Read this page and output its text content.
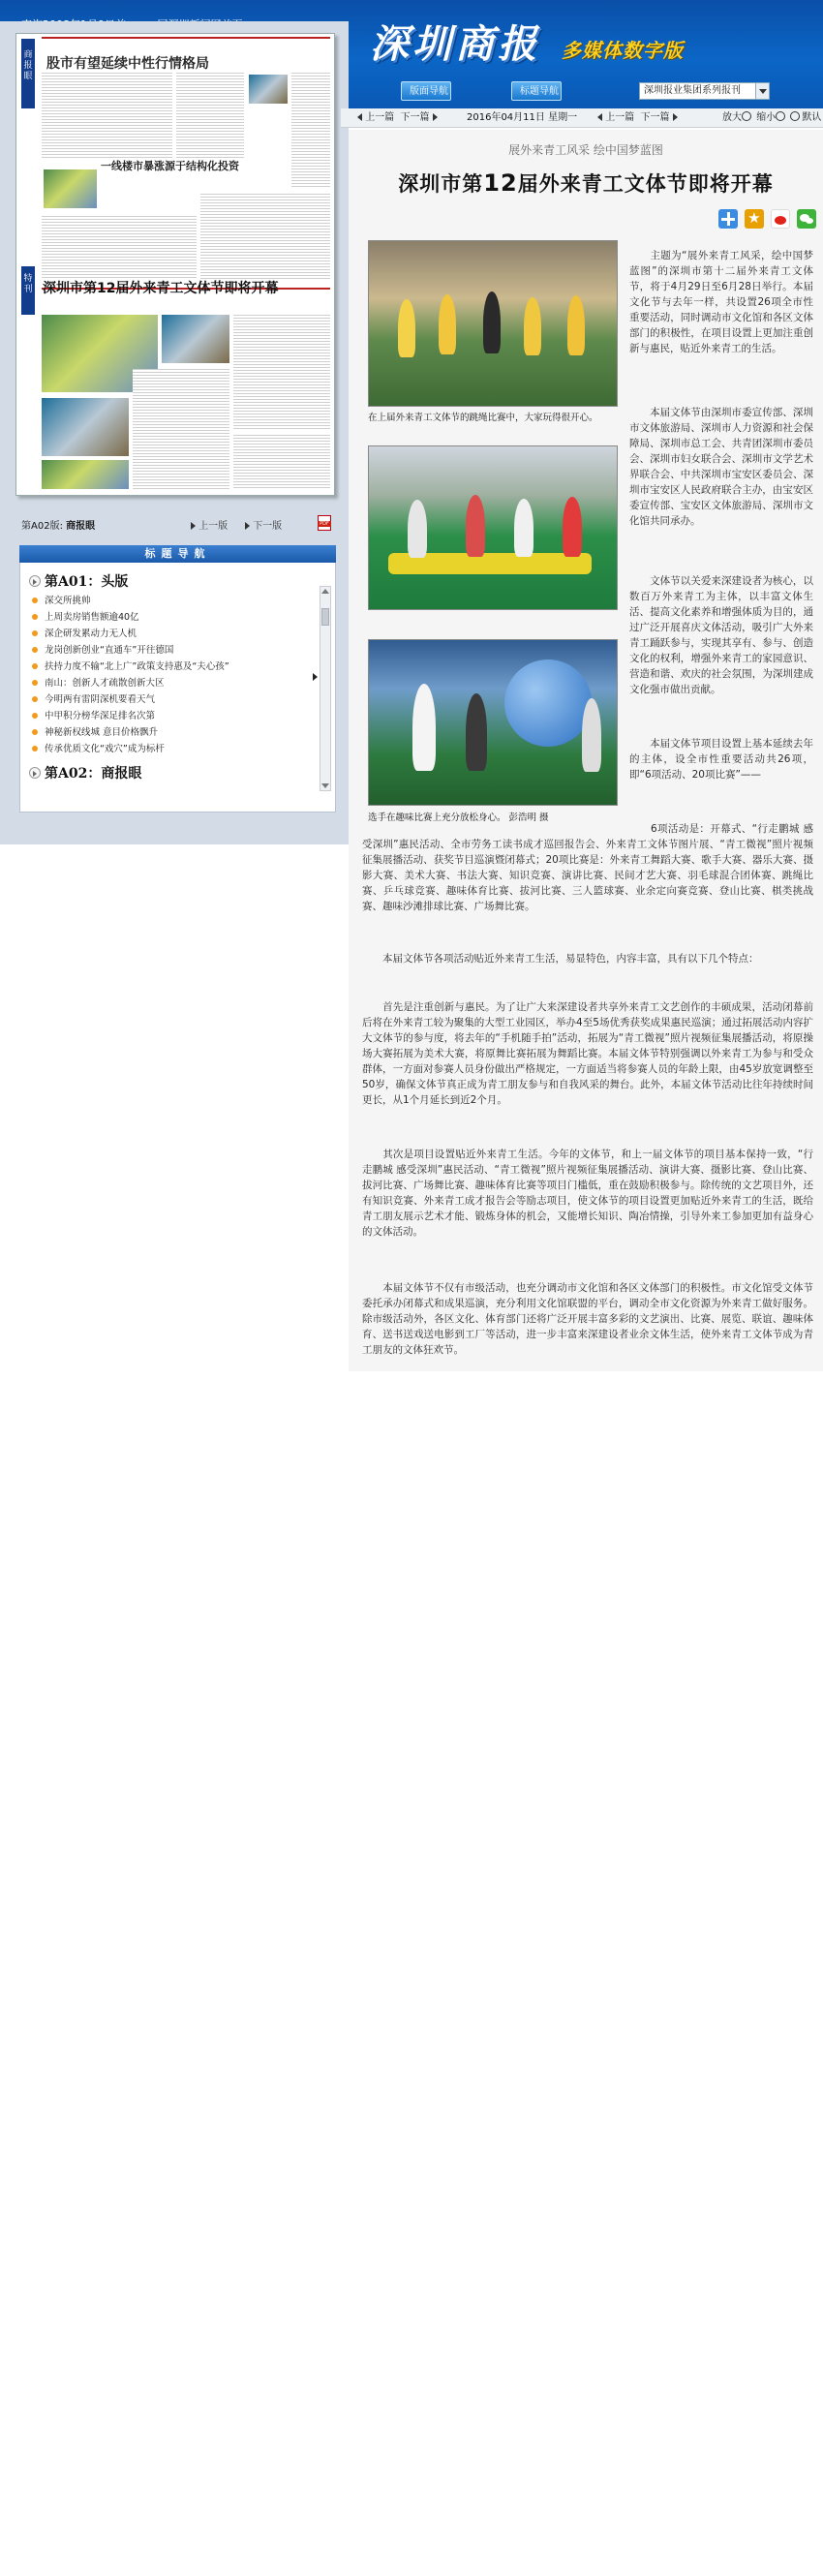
深圳商报 多媒体数字版
版面导航	标题导航	深圳报业集团系列报刊
商报眼
特刊
股市有望延续中性行情格局
一线楼市暴涨源于结构化投资
深圳市第12届外来青工文体节即将开幕
第A02版: 商报眼	上一版	下一版
PDF
标题导航
第A01：头版
深交所挑帅
上周卖房销售额逾40亿
深企研发累动力无人机
龙岗创新创业“直通车”开往德国
扶持力度不输“北上广”政策支持惠及“夫心孩”
南山：创新人才疏散创新大区
今明两有雷阴深机要看天气
中甲积分榜华深足排名次第
神秘新权线城 意目价格飘升
传承优质文化“戏穴”成为标杆
第A02：商报眼
上一篇 下一篇	2016年04月11日 星期一	上一篇 下一篇	放大 缩小	默认
展外来青工风采 绘中国梦蓝图
深圳市第12届外来青工文体节即将开幕
★
在上届外来青工文体节的跳绳比赛中，大家玩得很开心。
选手在趣味比赛上充分放松身心。 彭浩明 摄
主题为“展外来青工风采，绘中国梦蓝图”的深圳市第十二届外来青工文体节，将于4月29日至6月28日举行。本届文化节与去年一样，共设置26项全市性重要活动，同时调动市文化馆和各区文体部门的积极性，在项目设置上更加注重创新与惠民，贴近外来青工的生活。
本届文体节由深圳市委宣传部、深圳市文体旅游局、深圳市人力资源和社会保障局、深圳市总工会、共青团深圳市委员会、深圳市妇女联合会、深圳市文学艺术界联合会、中共深圳市宝安区委员会、深圳市宝安区人民政府联合主办，由宝安区委宣传部、宝安区文体旅游局、深圳市文化馆共同承办。
文体节以关爱来深建设者为核心，以数百万外来青工为主体，以丰富文体生活、提高文化素养和增强体质为目的，通过广泛开展喜庆文体活动，吸引广大外来青工踊跃参与，实现其享有、参与、创造文化的权利，增强外来青工的家园意识、营造和谐、欢庆的社会氛围，为深圳建成文化强市做出贡献。
本届文体节项目设置上基本延续去年的主体，设全市性重要活动共26项，即“6项活动、20项比赛”——
6项活动是：开幕式、“行走鹏城 感受深圳”惠民活动、全市劳务工读书成才巡回报告会、外来青工文体节图片展、“青工微视”照片视频征集展播活动、获奖节目巡演暨闭幕式；20项比赛是：外来青工舞蹈大赛、歌手大赛、器乐大赛、摄影大赛、美术大赛、书法大赛、知识竞赛、演讲比赛、民间才艺大赛、羽毛球混合团体赛、跳绳比赛、乒乓球竞赛、趣味体育比赛、拔河比赛、三人篮球赛、业余定向赛竞赛、登山比赛、棋类挑战赛、趣味沙滩排球比赛、广场舞比赛。
本届文体节各项活动贴近外来青工生活，易显特色，内容丰富，具有以下几个特点：
首先是注重创新与惠民。为了让广大来深建设者共享外来青工文艺创作的丰硕成果，活动闭幕前后将在外来青工较为聚集的大型工业园区，举办4至5场优秀获奖成果惠民巡演；通过拓展活动内容扩大文体节的参与度，将去年的“手机随手拍”活动，拓展为“青工微视”照片视频征集展播活动，将原操场大赛拓展为美术大赛，将原舞比赛拓展为舞蹈比赛。本届文体节特别强调以外来青工为参与和受众群体，一方面对参赛人员身份做出严格规定，一方面适当将参赛人员的年龄上限，由45岁放宽调整至50岁，确保文体节真正成为青工朋友参与和自我风采的舞台。此外，本届文体节活动比往年持续时间更长，从1个月延长到近2个月。
其次是项目设置贴近外来青工生活。今年的文体节，和上一届文体节的项目基本保持一致，“行走鹏城 感受深圳”惠民活动、“青工微视”照片视频征集展播活动、演讲大赛、摄影比赛、登山比赛、拔河比赛、广场舞比赛、趣味体育比赛等项目门槛低，重在鼓励积极参与。除传统的文艺项目外，还有知识竞赛、外来青工成才报告会等励志项目，使文体节的项目设置更加贴近外来青工的生活，既给青工朋友展示艺术才能、锻炼身体的机会，又能增长知识、陶冶情操，引导外来工参加更加有益身心的文体活动。
本届文体节不仅有市级活动，也充分调动市文化馆和各区文体部门的积极性。市文化馆受文体节委托承办闭幕式和成果巡演，充分利用文化馆联盟的平台，调动全市文化资源为外来青工做好服务。除市级活动外，各区文化、体育部门还将广泛开展丰富多彩的文艺演出、比赛、展览、联谊、趣味体育、送书送戏送电影到工厂等活动，进一步丰富来深建设者业余文体生活，使外来青工文体节成为青工朋友的文体狂欢节。
